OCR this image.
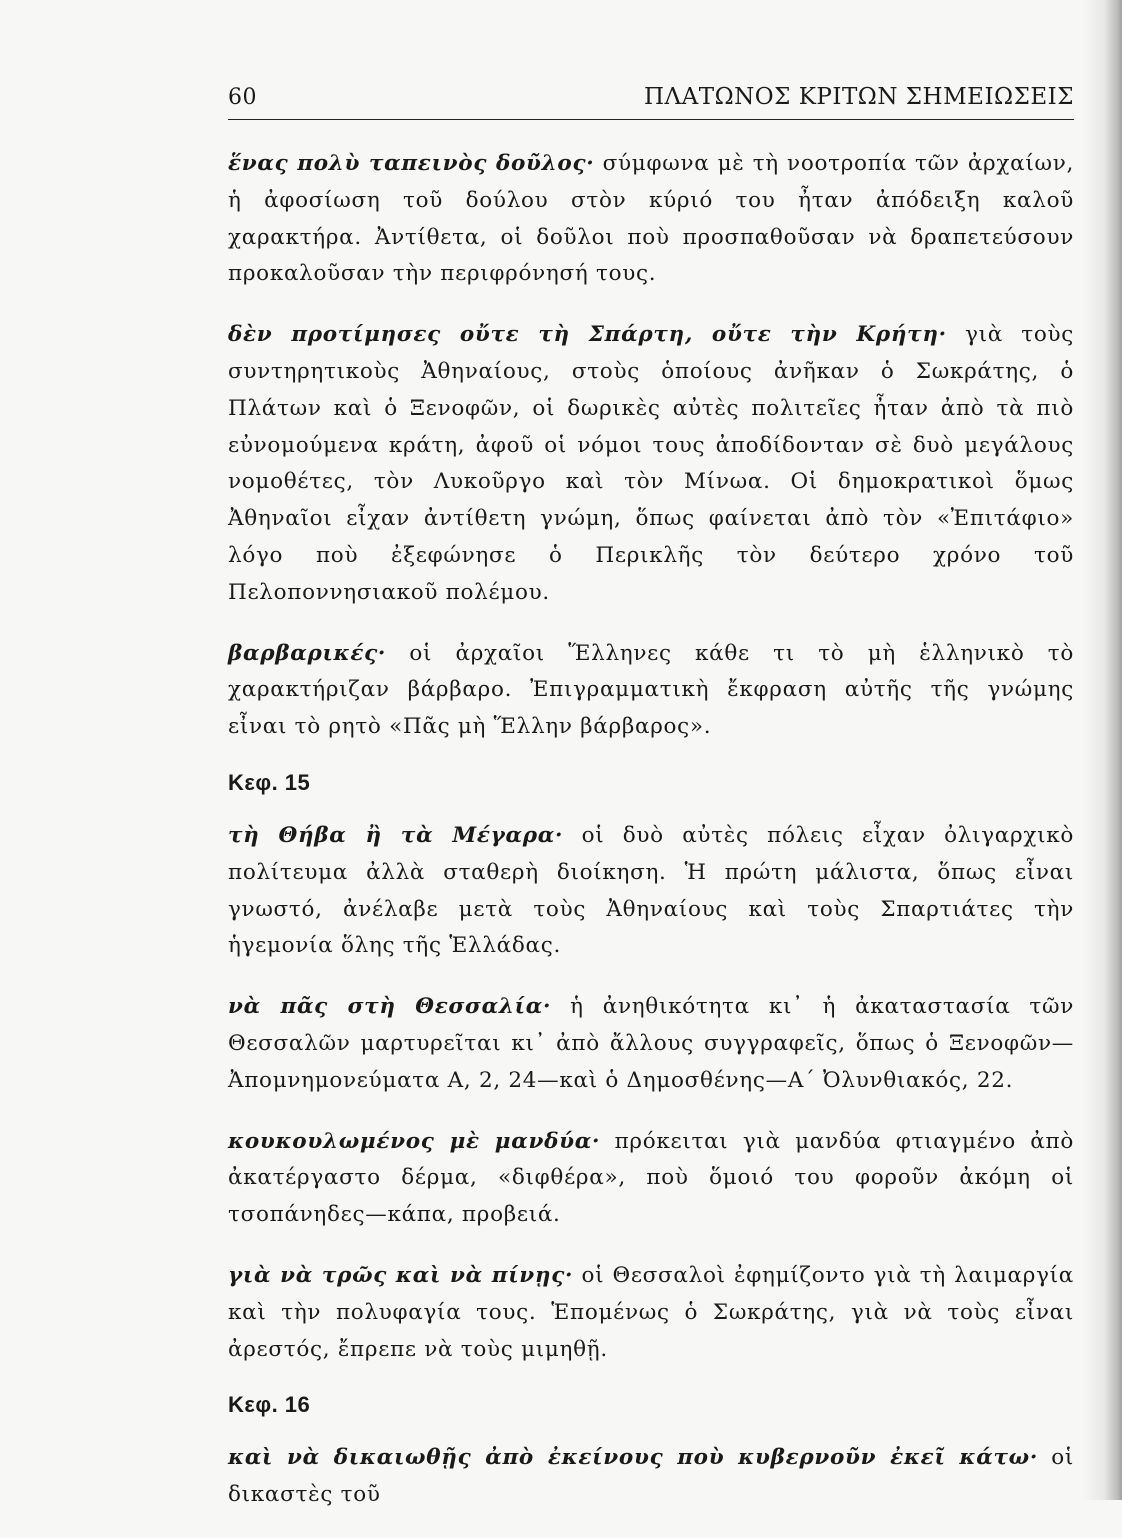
60	ΠΛΑΤΩΝΟΣ ΚΡΙΤΩΝ ΣΗΜΕΙΩΣΕΙΣ

ἕνας πολὺ ταπεινὸς δοῦλος· σύμφωνα μὲ τὴ νοοτροπία τῶν ἀρχαίων, ἡ ἀφοσίωση τοῦ δούλου στὸν κύριό του ἦταν ἀπόδειξη καλοῦ χαρακτήρα. Ἀντίθετα, οἱ δοῦλοι ποὺ προσπαθοῦσαν νὰ δραπετεύσουν προκαλοῦσαν τὴν περιφρόνησή τους.

δὲν προτίμησες οὔτε τὴ Σπάρτη, οὔτε τὴν Κρήτη· γιὰ τοὺς συντηρητικοὺς Ἀθηναίους, στοὺς ὁποίους ἀνῆκαν ὁ Σωκράτης, ὁ Πλάτων καὶ ὁ Ξενοφῶν, οἱ δωρικὲς αὐτὲς πολιτεῖες ἦταν ἀπὸ τὰ πιὸ εὐνομούμενα κράτη, ἀφοῦ οἱ νόμοι τους ἀποδίδονταν σὲ δυὸ μεγάλους νομοθέτες, τὸν Λυκοῦργο καὶ τὸν Μίνωα. Οἱ δημοκρατικοὶ ὅμως Ἀθηναῖοι εἶχαν ἀντίθετη γνώμη, ὅπως φαίνεται ἀπὸ τὸν «Ἐπιτάφιο» λόγο ποὺ ἐξεφώνησε ὁ Περικλῆς τὸν δεύτερο χρόνο τοῦ Πελοποννησιακοῦ πολέμου.

βαρβαρικές· οἱ ἀρχαῖοι Ἕλληνες κάθε τι τὸ μὴ ἑλληνικὸ τὸ χαρακτήριζαν βάρβαρο. Ἐπιγραμματικὴ ἔκφραση αὐτῆς τῆς γνώμης εἶναι τὸ ρητὸ «Πᾶς μὴ Ἕλλην βάρβαρος».

Κεφ. 15

τὴ Θήβα ἢ τὰ Μέγαρα· οἱ δυὸ αὐτὲς πόλεις εἶχαν ὀλιγαρχικὸ πολίτευμα ἀλλὰ σταθερὴ διοίκηση. Ἡ πρώτη μάλιστα, ὅπως εἶναι γνωστό, ἀνέλαβε μετὰ τοὺς Ἀθηναίους καὶ τοὺς Σπαρτιάτες τὴν ἡγεμονία ὅλης τῆς Ἑλλάδας.

νὰ πᾶς στὴ Θεσσαλία· ἡ ἀνηθικότητα κι᾽ ἡ ἀκαταστασία τῶν Θεσσαλῶν μαρτυρεῖται κι᾽ ἀπὸ ἄλλους συγγραφεῖς, ὅπως ὁ Ξενοφῶν—Ἀπομνημονεύματα Α, 2, 24—καὶ ὁ Δημοσθένης—Α΄ Ὀλυνθιακός, 22.

κουκουλωμένος μὲ μανδύα· πρόκειται γιὰ μανδύα φτιαγμένο ἀπὸ ἀκατέργαστο δέρμα, «διφθέρα», ποὺ ὅμοιό του φοροῦν ἀκόμη οἱ τσοπάνηδες—κάπα, προβειά.

γιὰ νὰ τρῶς καὶ νὰ πίνῃς· οἱ Θεσσαλοὶ ἐφημίζοντο γιὰ τὴ λαιμαργία καὶ τὴν πολυφαγία τους. Ἑπομένως ὁ Σωκράτης, γιὰ νὰ τοὺς εἶναι ἀρεστός, ἔπρεπε νὰ τοὺς μιμηθῇ.

Κεφ. 16

καὶ νὰ δικαιωθῇς ἀπὸ ἐκείνους ποὺ κυβερνοῦν ἐκεῖ κάτω· οἱ δικαστὲς τοῦ
